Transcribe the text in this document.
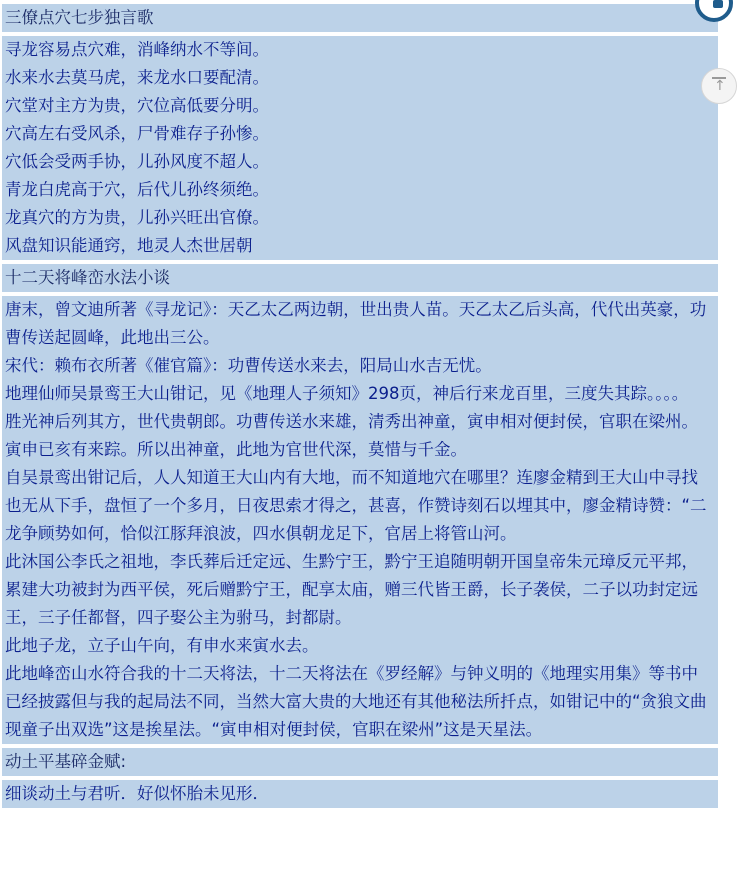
三僚点穴七步独言歌

寻龙容易点穴难，消峰纳水不等间。

水来水去莫马虎，来龙水口要配清。

穴堂对主方为贵，穴位高低要分明。

穴高左右受风杀，尸骨难存子孙惨。

穴低会受两手协，儿孙风度不超人。

青龙白虎高于穴，后代儿孙终须绝。

龙真穴的方为贵，儿孙兴旺出官僚。

风盘知识能通窍，地灵人杰世居朝

十二天将峰峦水法小谈

唐末，曾文迪所著《寻龙记》：天乙太乙两边朝，世出贵人苗。天乙太乙后头高，代代出英豪，功曹传送起圆峰，此地出三公。

宋代：赖布衣所著《催官篇》：功曹传送水来去，阳局山水吉无忧。

地理仙师吴景鸾王大山钳记，见《地理人子须知》298页，神后行来龙百里，三度失其踪。。。。

胜光神后列其方，世代贵朝郎。功曹传送水来雄，清秀出神童，寅申相对便封侯，官职在梁州。寅申已亥有来踪。所以出神童，此地为官世代深，莫惜与千金。

自吴景鸾出钳记后，人人知道王大山内有大地，而不知道地穴在哪里？连廖金精到王大山中寻找也无从下手，盘恒了一个多月，日夜思索才得之，甚喜，作赞诗刻石以埋其中，廖金精诗赞：“二龙争顾势如何，恰似江豚拜浪波，四水俱朝龙足下，官居上将管山河。

此沐国公李氏之祖地，李氏葬后迁定远、生黔宁王，黔宁王追随明朝开国皇帝朱元璋反元平邦，累建大功被封为西平侯，死后赠黔宁王，配享太庙，赠三代皆王爵，长子袭侯，二子以功封定远王，三子任都督，四子娶公主为驸马，封都尉。

此地子龙，立子山午向，有申水来寅水去。

此地峰峦山水符合我的十二天将法，十二天将法在《罗经解》与钟义明的《地理实用集》等书中已经披露但与我的起局法不同，当然大富大贵的大地还有其他秘法所扦点，如钳记中的“贪狼文曲现童子出双选”这是挨星法。“寅申相对便封侯，官职在梁州”这是天星法。

动土平基碎金赋:

细谈动土与君听．好似怀胎未见形．

↑
